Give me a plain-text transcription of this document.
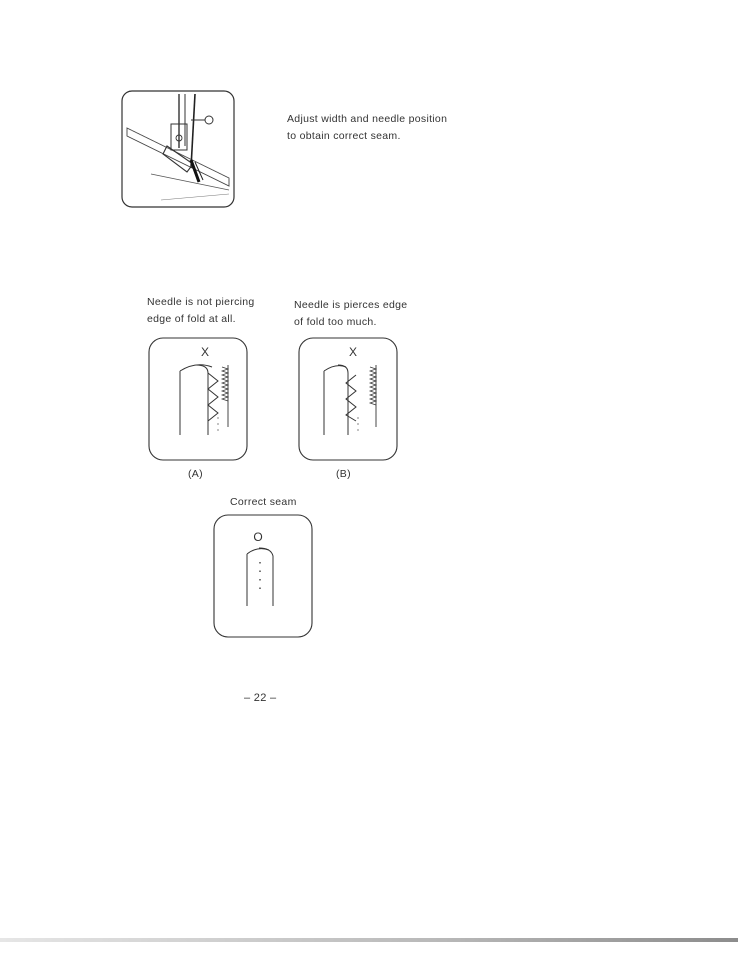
Adjust width and needle position
to obtain correct seam.
Needle is not piercing
edge of fold at all.
Needle is pierces edge
of fold too much.
X	X
(A)	(B)
Correct seam
O
– 22 –
